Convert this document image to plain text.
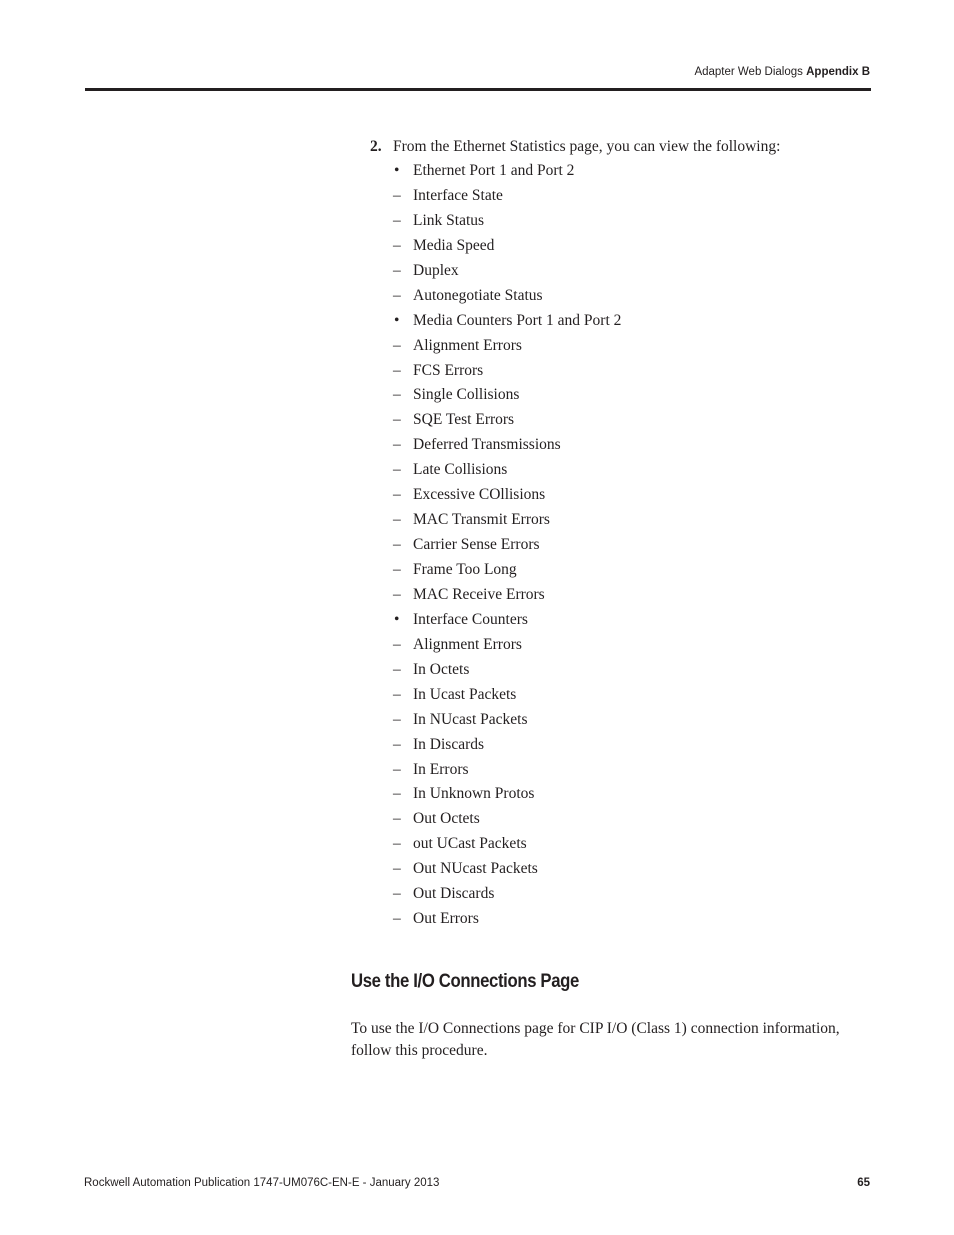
Adapter Web Dialogs Appendix B
2. From the Ethernet Statistics page, you can view the following:
• Ethernet Port 1 and Port 2
– Interface State
– Link Status
– Media Speed
– Duplex
– Autonegotiate Status
• Media Counters Port 1 and Port 2
– Alignment Errors
– FCS Errors
– Single Collisions
– SQE Test Errors
– Deferred Transmissions
– Late Collisions
– Excessive COllisions
– MAC Transmit Errors
– Carrier Sense Errors
– Frame Too Long
– MAC Receive Errors
• Interface Counters
– Alignment Errors
– In Octets
– In Ucast Packets
– In NUcast Packets
– In Discards
– In Errors
– In Unknown Protos
– Out Octets
– out UCast Packets
– Out NUcast Packets
– Out Discards
– Out Errors
Use the I/O Connections Page
To use the I/O Connections page for CIP I/O (Class 1) connection information, follow this procedure.
Rockwell Automation Publication 1747-UM076C-EN-E - January 2013	65
